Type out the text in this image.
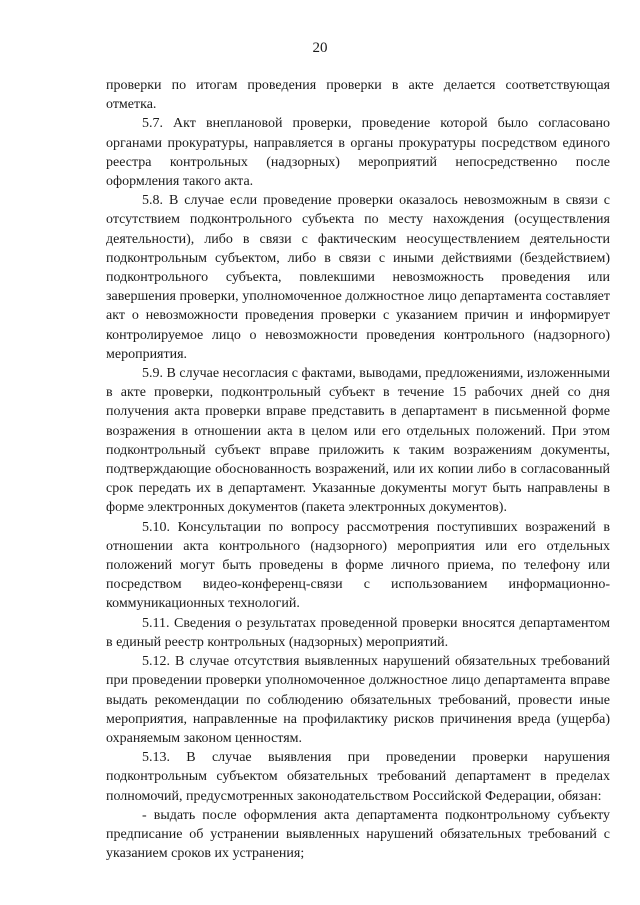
20

проверки по итогам проведения проверки в акте делается соответствующая отметка.

5.7. Акт внеплановой проверки, проведение которой было согласовано органами прокуратуры, направляется в органы прокуратуры посредством единого реестра контрольных (надзорных) мероприятий непосредственно после оформления такого акта.

5.8. В случае если проведение проверки оказалось невозможным в связи с отсутствием подконтрольного субъекта по месту нахождения (осуществления деятельности), либо в связи с фактическим неосуществлением деятельности подконтрольным субъектом, либо в связи с иными действиями (бездействием) подконтрольного субъекта, повлекшими невозможность проведения или завершения проверки, уполномоченное должностное лицо департамента составляет акт о невозможности проведения проверки с указанием причин и информирует контролируемое лицо о невозможности проведения контрольного (надзорного) мероприятия.

5.9. В случае несогласия с фактами, выводами, предложениями, изложенными в акте проверки, подконтрольный субъект в течение 15 рабочих дней со дня получения акта проверки вправе представить в департамент в письменной форме возражения в отношении акта в целом или его отдельных положений. При этом подконтрольный субъект вправе приложить к таким возражениям документы, подтверждающие обоснованность возражений, или их копии либо в согласованный срок передать их в департамент. Указанные документы могут быть направлены в форме электронных документов (пакета электронных документов).

5.10. Консультации по вопросу рассмотрения поступивших возражений в отношении акта контрольного (надзорного) мероприятия или его отдельных положений могут быть проведены в форме личного приема, по телефону или посредством видео-конференц-связи с использованием информационно-коммуникационных технологий.

5.11. Сведения о результатах проведенной проверки вносятся департаментом в единый реестр контрольных (надзорных) мероприятий.

5.12. В случае отсутствия выявленных нарушений обязательных требований при проведении проверки уполномоченное должностное лицо департамента вправе выдать рекомендации по соблюдению обязательных требований, провести иные мероприятия, направленные на профилактику рисков причинения вреда (ущерба) охраняемым законом ценностям.

5.13. В случае выявления при проведении проверки нарушения подконтрольным субъектом обязательных требований департамент в пределах полномочий, предусмотренных законодательством Российской Федерации, обязан:

- выдать после оформления акта департамента подконтрольному субъекту предписание об устранении выявленных нарушений обязательных требований с указанием сроков их устранения;
